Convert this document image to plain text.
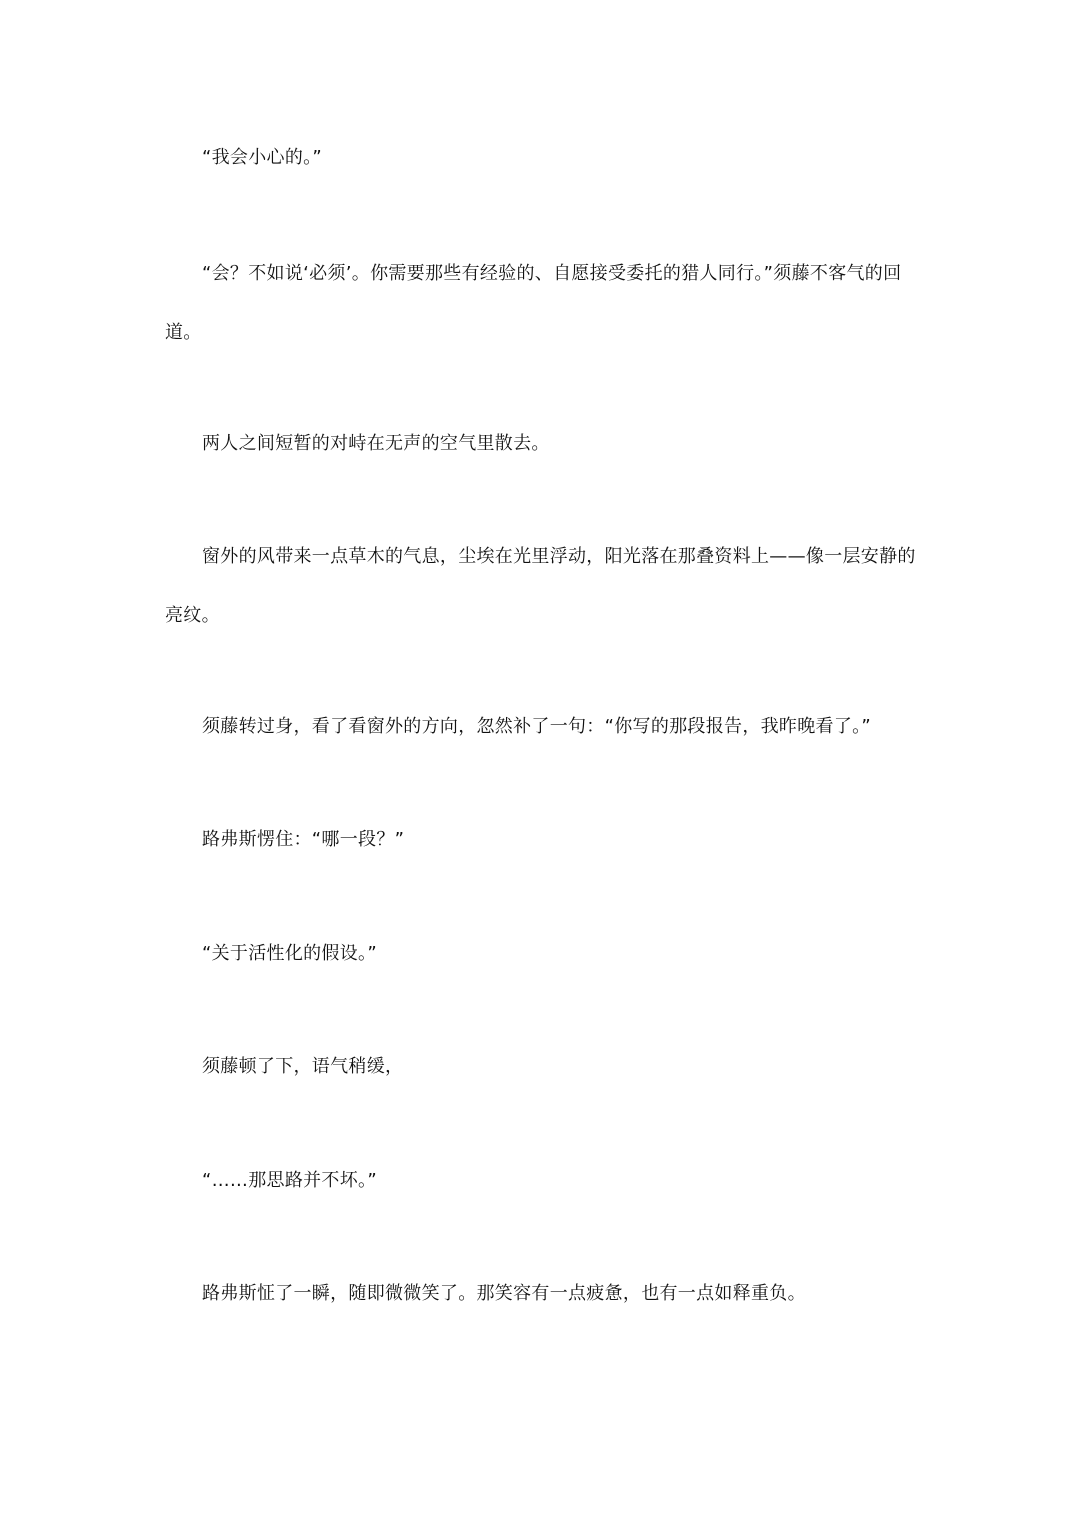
“我会小心的。”

“会？不如说‘必须’。你需要那些有经验的、自愿接受委托的猎人同行。”须藤不客气的回道。

两人之间短暂的对峙在无声的空气里散去。

窗外的风带来一点草木的气息，尘埃在光里浮动，阳光落在那叠资料上——像一层安静的亮纹。

须藤转过身，看了看窗外的方向，忽然补了一句：“你写的那段报告，我昨晚看了。”

路弗斯愣住：“哪一段？”

“关于活性化的假设。”

须藤顿了下，语气稍缓，

“……那思路并不坏。”

路弗斯怔了一瞬，随即微微笑了。那笑容有一点疲惫，也有一点如释重负。
